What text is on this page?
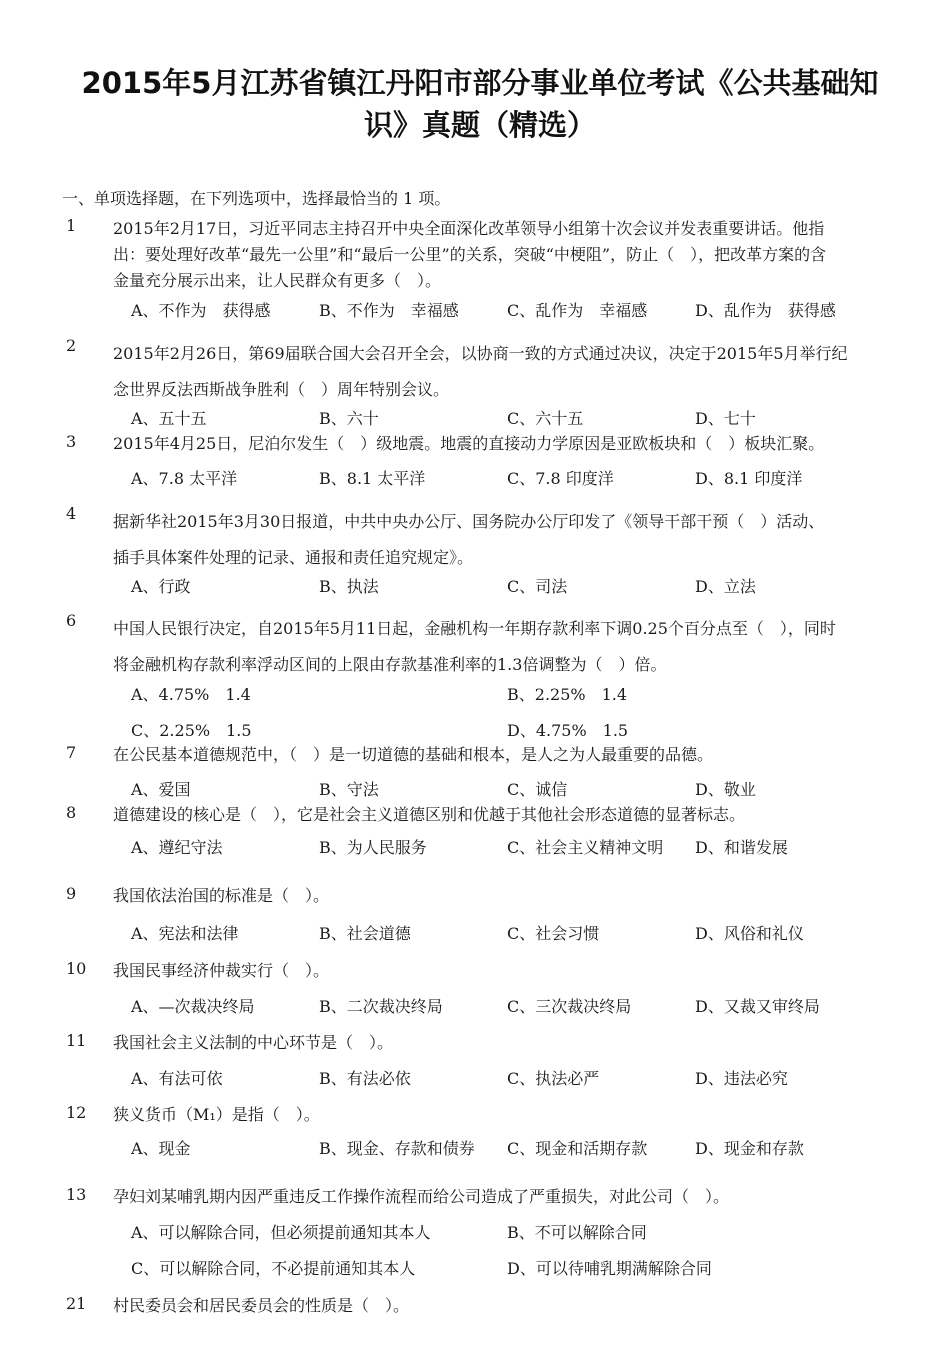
2015年5月江苏省镇江丹阳市部分事业单位考试《公共基础知
识》真题（精选）
一、单项选择题，在下列选项中，选择最恰当的 1 项。
1 2015年2月17日，习近平同志主持召开中央全面深化改革领导小组第十次会议并发表重要讲话。他指
出：要处理好改革“最先一公里”和“最后一公里”的关系，突破“中梗阻”，防止（　），把改革方案的含
金量充分展示出来，让人民群众有更多（　）。
A、不作为　获得感	B、不作为　幸福感	C、乱作为　幸福感	D、乱作为　获得感
2 2015年2月26日，第69届联合国大会召开全会，以协商一致的方式通过决议，决定于2015年5月举行纪
念世界反法西斯战争胜利（　）周年特别会议。
A、五十五	B、六十	C、六十五	D、七十
3 2015年4月25日，尼泊尔发生（　）级地震。地震的直接动力学原因是亚欧板块和（　）板块汇聚。
A、7.8 太平洋	B、8.1 太平洋	C、7.8 印度洋	D、8.1 印度洋
4 据新华社2015年3月30日报道，中共中央办公厅、国务院办公厅印发了《领导干部干预（　）活动、
插手具体案件处理的记录、通报和责任追究规定》。
A、行政	B、执法	C、司法	D、立法
6 中国人民银行决定，自2015年5月11日起，金融机构一年期存款利率下调0.25个百分点至（　），同时
将金融机构存款利率浮动区间的上限由存款基准利率的1.3倍调整为（　）倍。
A、4.75%　1.4	B、2.25%　1.4
C、2.25%　1.5	D、4.75%　1.5
7 在公民基本道德规范中，（　）是一切道德的基础和根本，是人之为人最重要的品德。
A、爱国	B、守法	C、诚信	D、敬业
8 道德建设的核心是（　），它是社会主义道德区别和优越于其他社会形态道德的显著标志。
A、遵纪守法	B、为人民服务	C、社会主义精神文明 D、和谐发展
9 我国依法治国的标准是（　）。
A、宪法和法律	B、社会道德	C、社会习惯	D、风俗和礼仪
10 我国民事经济仲裁实行（　）。
A、—次裁决终局	B、二次裁决终局	C、三次裁决终局	D、又裁又审终局
11 我国社会主义法制的中心环节是（　）。
A、有法可依	B、有法必依	C、执法必严	D、违法必究
12 狭义货币（M₁）是指（　）。
A、现金	B、现金、存款和债券 C、现金和活期存款	D、现金和存款
13 孕妇刘某哺乳期内因严重违反工作操作流程而给公司造成了严重损失，对此公司（　）。
A、可以解除合同，但必须提前通知其本人	B、不可以解除合同
C、可以解除合同，不必提前通知其本人	D、可以待哺乳期满解除合同
21 村民委员会和居民委员会的性质是（　）。
